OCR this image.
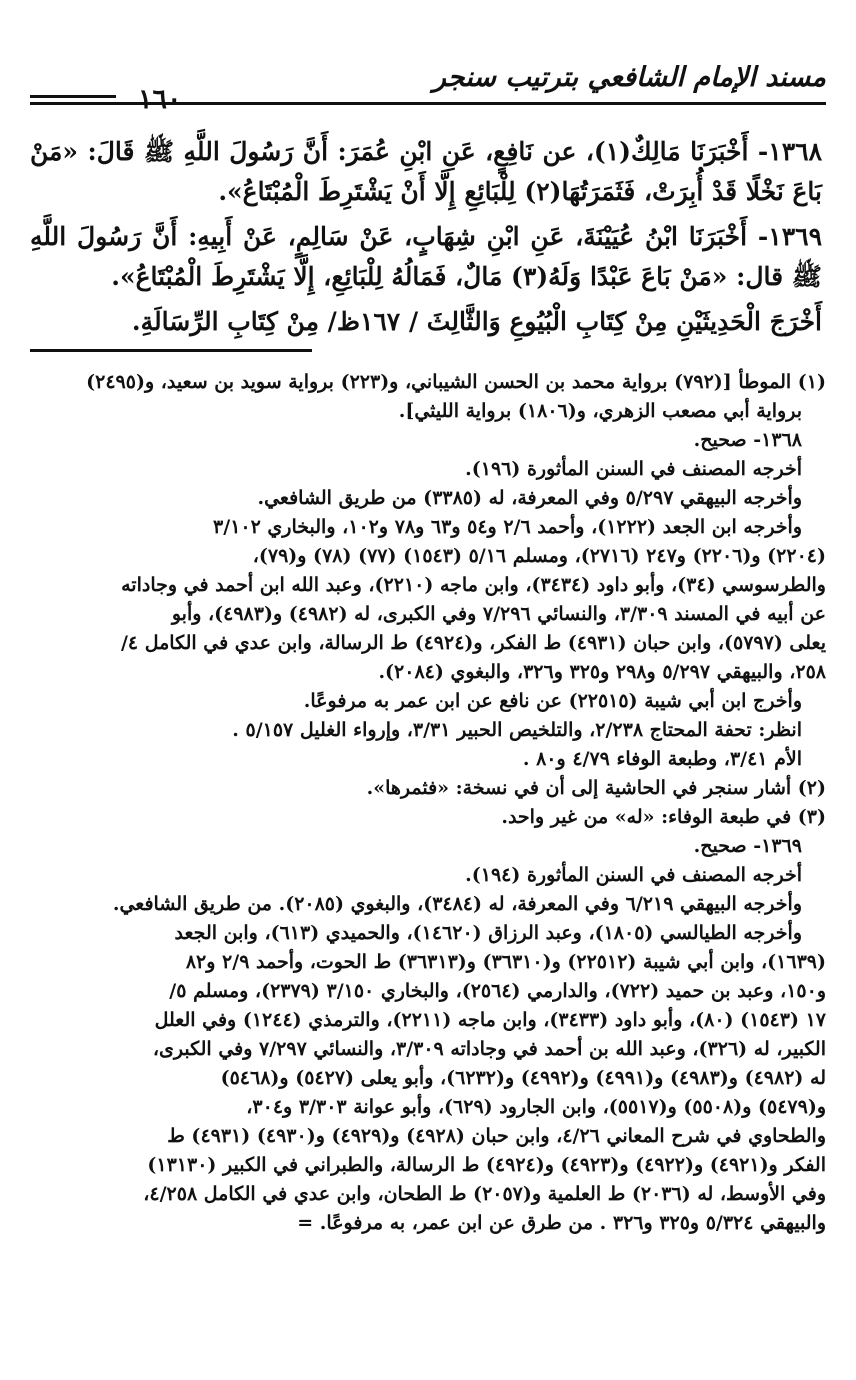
مسند الإمام الشافعي بترتيب سنجر
١٦٠

١٣٦٨- أَخْبَرَنَا مَالِكٌ(١)، عن نَافِعٍ، عَنِ ابْنِ عُمَرَ: أَنَّ رَسُولَ اللَّهِ ﷺ قَالَ: «مَنْ بَاعَ نَخْلًا قَدْ أُبِرَتْ، فَثَمَرَتُهَا(٢) لِلْبَائِعِ إِلَّا أَنْ يَشْتَرِطَ الْمُبْتَاعُ».

١٣٦٩- أَخْبَرَنَا ابْنُ عُيَيْنَةَ، عَنِ ابْنِ شِهَابٍ، عَنْ سَالِمٍ، عَنْ أَبِيهِ: أَنَّ رَسُولَ اللَّهِ ﷺ قال: «مَنْ بَاعَ عَبْدًا وَلَهُ(٣) مَالٌ، فَمَالُهُ لِلْبَائِعِ، إِلَّا يَشْتَرِطَ الْمُبْتَاعُ».

أَخْرَجَ الْحَدِيثَيْنِ مِنْ كِتَابِ الْبُيُوعِ وَالثَّالِثَ / ١٦٧ظ/ مِنْ كِتَابِ الرِّسَالَةِ.

(١) الموطأ [(٧٩٢) برواية محمد بن الحسن الشيباني، و(٢٢٣) برواية سويد بن سعيد، و(٢٤٩٥)

برواية أبي مصعب الزهري، و(١٨٠٦) برواية الليثي].

١٣٦٨- صحيح.

أخرجه المصنف في السنن المأثورة (١٩٦).

وأخرجه البيهقي ٥/٢٩٧ وفي المعرفة، له (٣٣٨٥) من طريق الشافعي.

وأخرجه ابن الجعد (١٢٢٢)، وأحمد ٢/٦ و٥٤ و٦٣ و٧٨ و١٠٢، والبخاري ٣/١٠٢

(٢٢٠٤) و(٢٢٠٦) و٢٤٧ (٢٧١٦)، ومسلم ٥/١٦ (١٥٤٣) (٧٧) (٧٨) و(٧٩)،

والطرسوسي (٣٤)، وأبو داود (٣٤٣٤)، وابن ماجه (٢٢١٠)، وعبد الله ابن أحمد في وجاداته

عن أبيه في المسند ٣/٣٠٩، والنسائي ٧/٢٩٦ وفي الكبرى، له (٤٩٨٢) و(٤٩٨٣)، وأبو

يعلى (٥٧٩٧)، وابن حبان (٤٩٣١) ط الفكر، و(٤٩٢٤) ط الرسالة، وابن عدي في الكامل ٤/

٢٥٨، والبيهقي ٥/٢٩٧ و٢٩٨ و٣٢٥ و٣٢٦، والبغوي (٢٠٨٤).

وأخرج ابن أبي شيبة (٢٢٥١٥) عن نافع عن ابن عمر به مرفوعًا.

انظر: تحفة المحتاج ٢/٢٣٨، والتلخيص الحبير ٣/٣١، وإرواء الغليل ٥/١٥٧ .

الأم ٣/٤١، وطبعة الوفاء ٤/٧٩ و٨٠ .

(٢) أشار سنجر في الحاشية إلى أن في نسخة: «فثمرها».

(٣) في طبعة الوفاء: «له» من غير واحد.

١٣٦٩- صحيح.

أخرجه المصنف في السنن المأثورة (١٩٤).

وأخرجه البيهقي ٦/٢١٩ وفي المعرفة، له (٣٤٨٤)، والبغوي (٢٠٨٥). من طريق الشافعي.

وأخرجه الطيالسي (١٨٠٥)، وعبد الرزاق (١٤٦٢٠)، والحميدي (٦١٣)، وابن الجعد

(١٦٣٩)، وابن أبي شيبة (٢٢٥١٢) و(٣٦٣١٠) و(٣٦٣١٣) ط الحوت، وأحمد ٢/٩ و٨٢

و١٥٠، وعبد بن حميد (٧٢٢)، والدارمي (٢٥٦٤)، والبخاري ٣/١٥٠ (٢٣٧٩)، ومسلم ٥/

١٧ (١٥٤٣) (٨٠)، وأبو داود (٣٤٣٣)، وابن ماجه (٢٢١١)، والترمذي (١٢٤٤) وفي العلل

الكبير، له (٣٢٦)، وعبد الله بن أحمد في وجاداته ٣/٣٠٩، والنسائي ٧/٢٩٧ وفي الكبرى،

له (٤٩٨٢) و(٤٩٨٣) و(٤٩٩١) و(٤٩٩٢) و(٦٢٣٢)، وأبو يعلى (٥٤٢٧) و(٥٤٦٨)

و(٥٤٧٩) و(٥٥٠٨) و(٥٥١٧)، وابن الجارود (٦٢٩)، وأبو عوانة ٣/٣٠٣ و٣٠٤،

والطحاوي في شرح المعاني ٤/٢٦، وابن حبان (٤٩٢٨) و(٤٩٢٩) و(٤٩٣٠) (٤٩٣١) ط

الفكر و(٤٩٢١) و(٤٩٢٢) و(٤٩٢٣) و(٤٩٢٤) ط الرسالة، والطبراني في الكبير (١٣١٣٠)

وفي الأوسط، له (٢٠٣٦) ط العلمية و(٢٠٥٧) ط الطحان، وابن عدي في الكامل ٤/٢٥٨،

والبيهقي ٥/٣٢٤ و٣٢٥ و٣٢٦ . من طرق عن ابن عمر، به مرفوعًا. =
